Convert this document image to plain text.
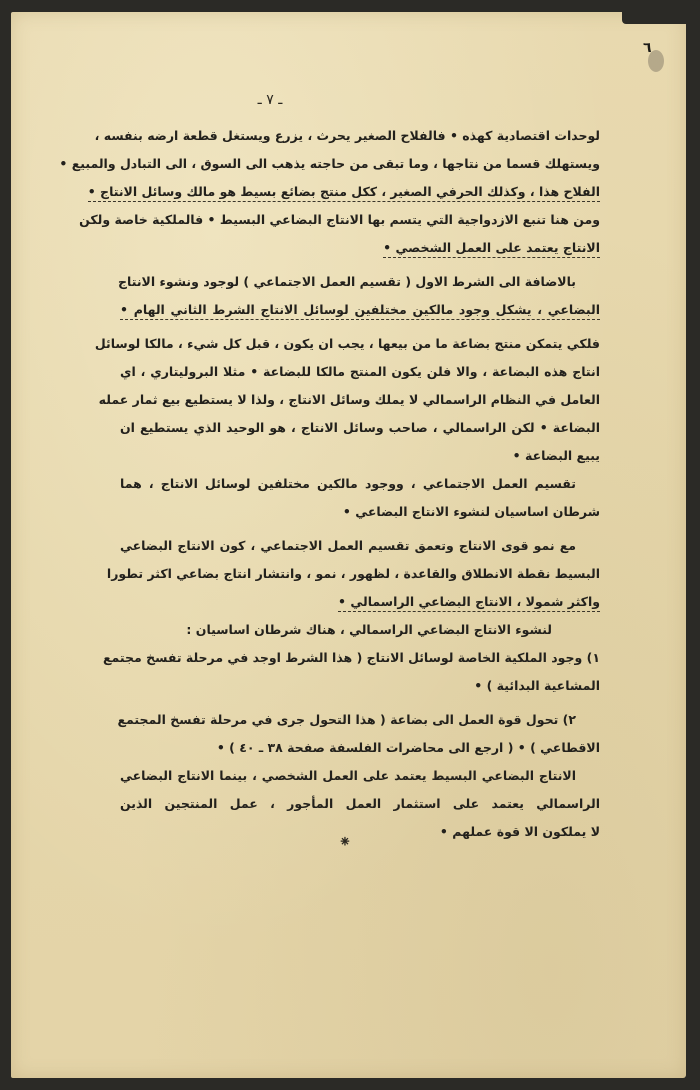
٦
ـ ٧ ـ
لوحدات اقتصادية كهذه • فالفلاح الصغير يحرث ، يزرع ويستغل قطعة ارضه بنفسه ،
ويستهلك قسما من نتاجها ، وما تبقى من حاجته يذهب الى السوق ، الى التبادل والمبيع •
الفلاح هذا ، وكذلك الحرفي الصغير ، ككل منتج بضائع بسيط هو مالك وسائل الانتاج •
ومن هنا تنبع الازدواجية التي يتسم بها الانتاج البضاعي البسيط • فالملكية خاصة ولكن
الانتاج يعتمد على العمل الشخصي •
بالاضافة الى الشرط الاول ( تقسيم العمل الاجتماعي ) لوجود ونشوء الانتاج
البضاعي ، يشكل وجود مالكين مختلفين لوسائل الانتاج الشرط الثاني الهام •
فلكي يتمكن منتج بضاعة ما من بيعها ، يجب ان يكون ، قبل كل شيء ، مالكا لوسائل
انتاج هذه البضاعة ، والا فلن يكون المنتج مالكا للبضاعة • مثلا البروليتاري ، اي
العامل في النظام الراسمالي لا يملك وسائل الانتاج ، ولذا لا يستطيع بيع ثمار عمله
البضاعة • لكن الراسمالي ، صاحب وسائل الانتاج ، هو الوحيد الذي يستطيع ان
يبيع البضاعة •
تقسيم العمل الاجتماعي ، ووجود مالكين مختلفين لوسائل الانتاج ، هما
شرطان اساسيان لنشوء الانتاج البضاعي •
مع نمو قوى الانتاج وتعمق تقسيم العمل الاجتماعي ، كون الانتاج البضاعي
البسيط نقطة الانطلاق والقاعدة ، لظهور ، نمو ، وانتشار انتاج بضاعي اكثر تطورا
واكثر شمولا ، الانتاج البضاعي الراسمالي •
لنشوء الانتاج البضاعي الراسمالي ، هناك شرطان اساسيان :
١) وجود الملكية الخاصة لوسائل الانتاج ( هذا الشرط اوجد في مرحلة تفسخ مجتمع
المشاعية البدائية ) •
٢) تحول قوة العمل الى بضاعة ( هذا التحول جرى في مرحلة تفسخ المجتمع
الاقطاعي ) • ( ارجع الى محاضرات الفلسفة صفحة ٣٨ ـ ٤٠ ) •
الانتاج البضاعي البسيط يعتمد على العمل الشخصي ، بينما الانتاج البضاعي
الراسمالي يعتمد على استثمار العمل المأجور ، عمل المنتجين الذين
لا يملكون الا قوة عملهم •
⁕
